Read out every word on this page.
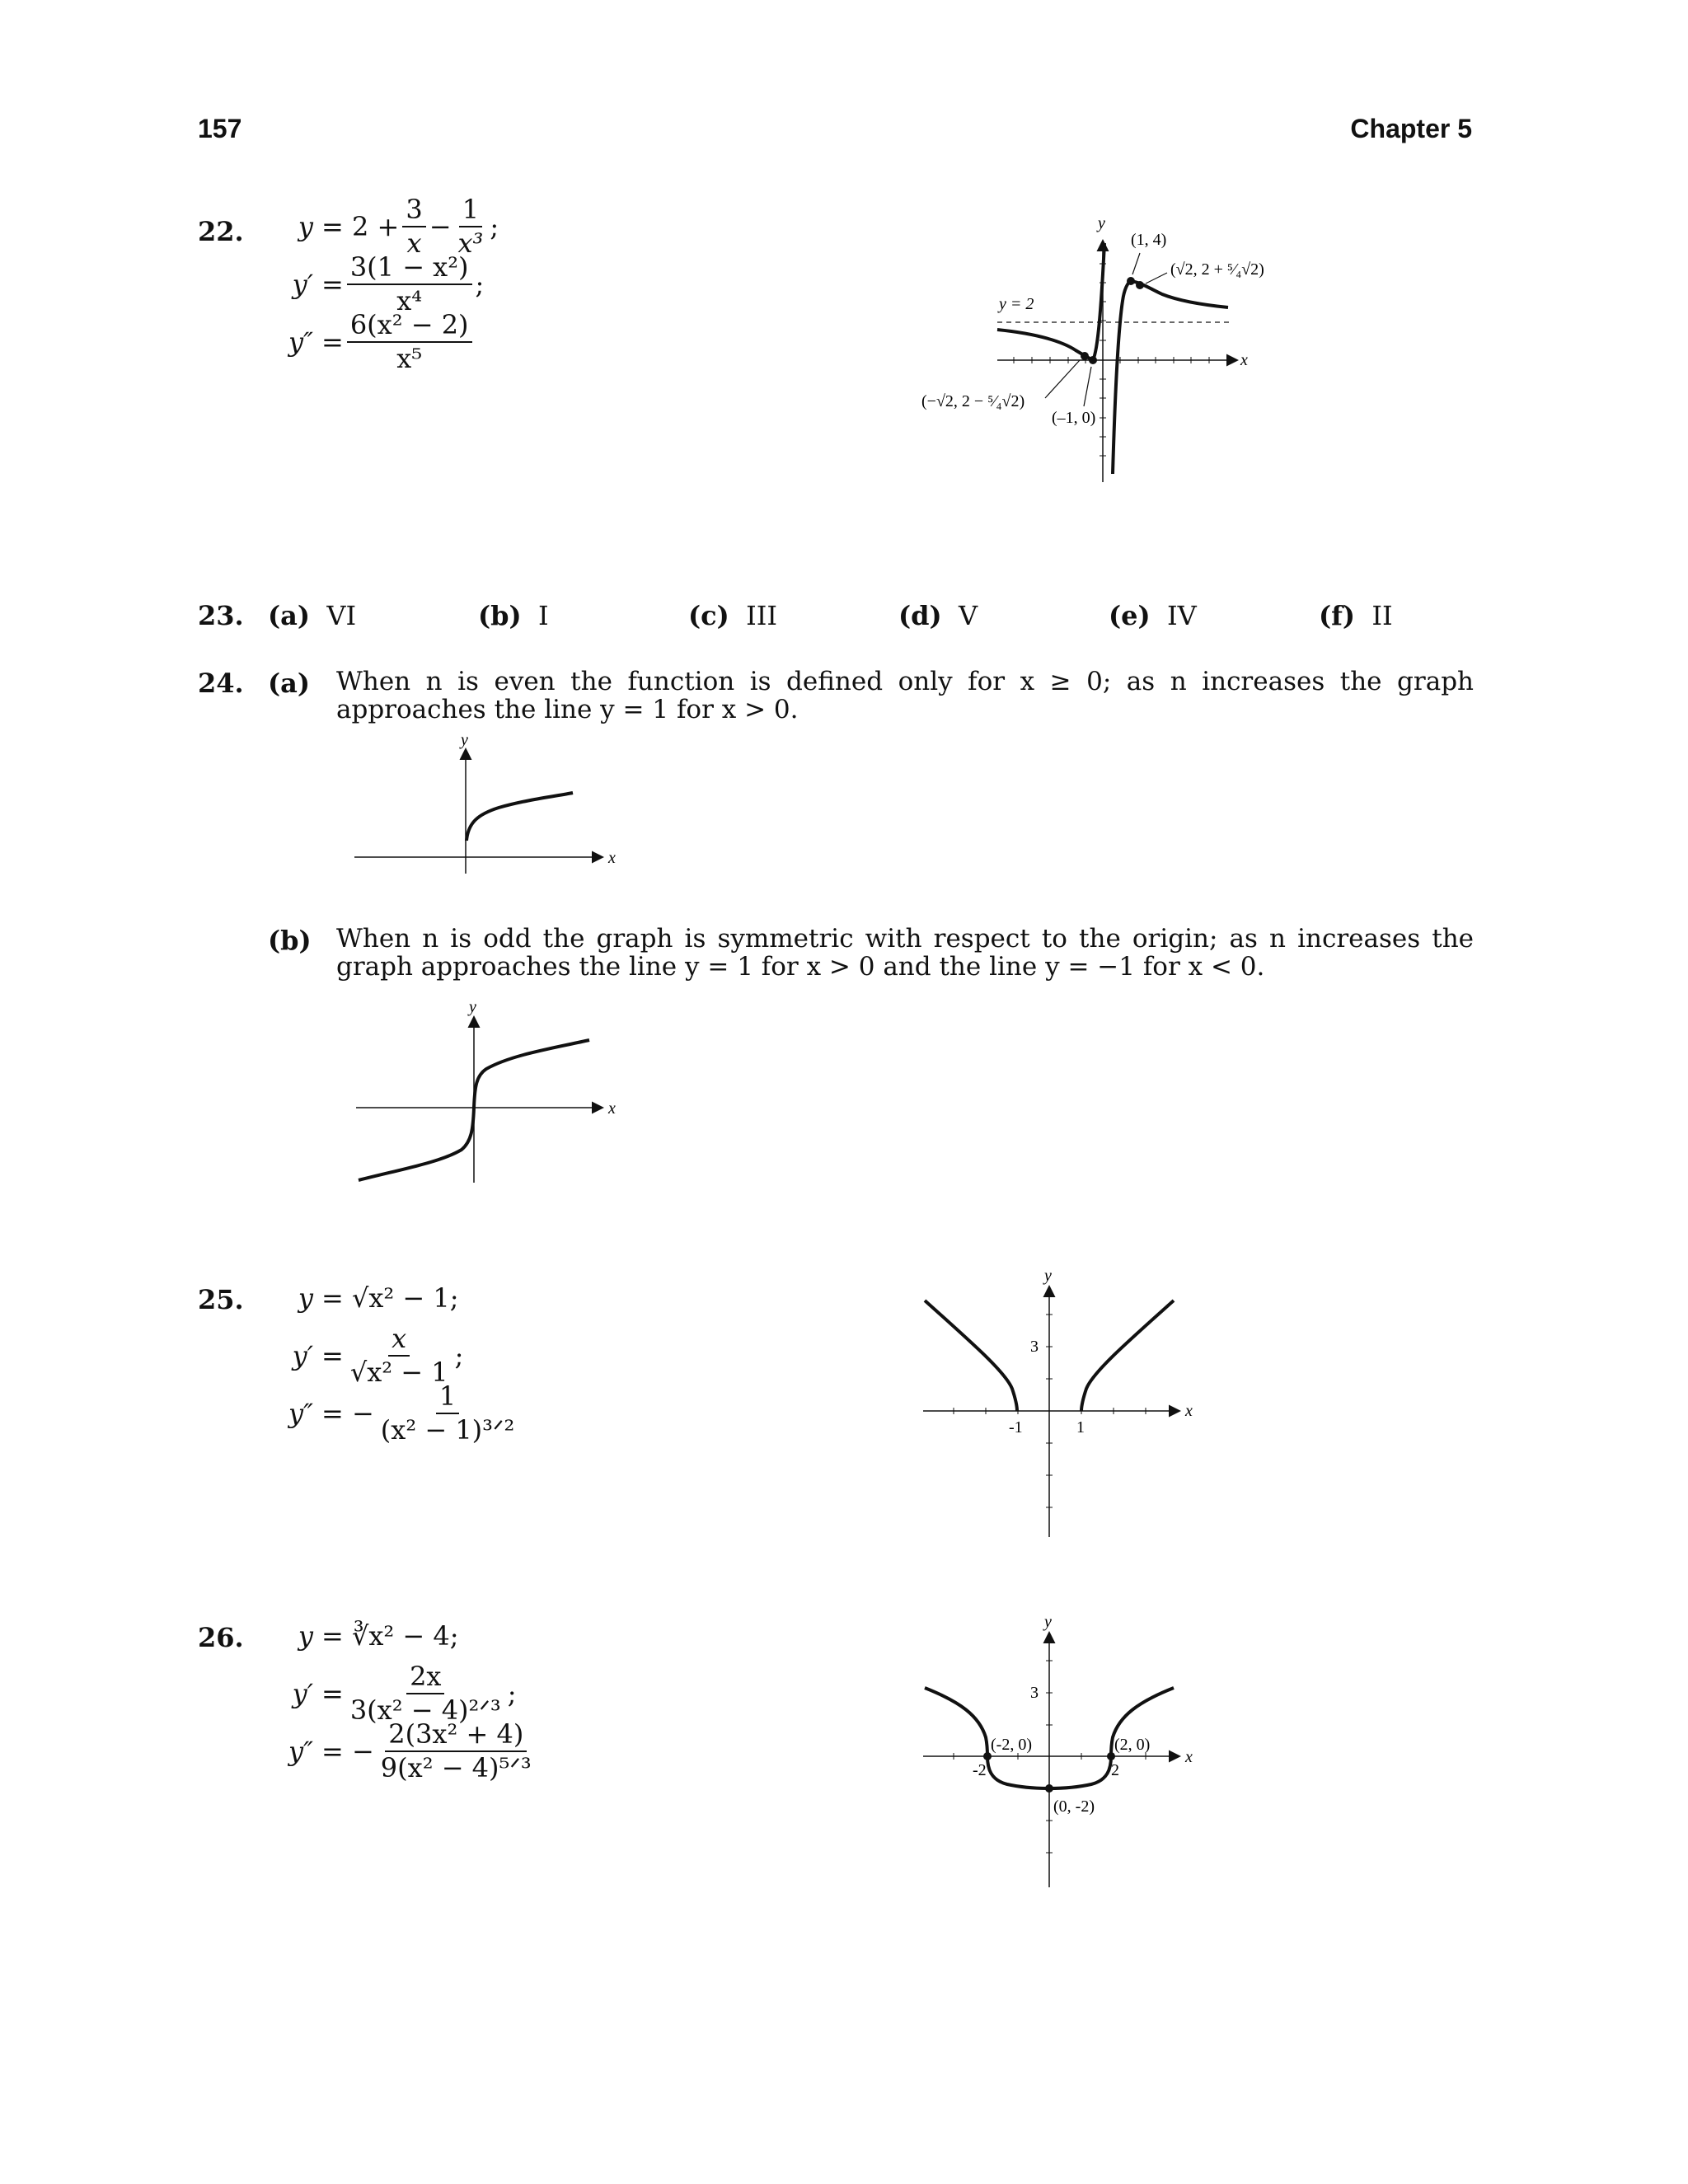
157	Chapter 5
22.	$y = 2 + \frac{3}{x} - \frac{1}{\text{x³}}$ ;
$y' = \frac{\text{3(1 − x²)}}{\text{x⁴}}$ ;
$y'' = \frac{\text{6(x² − 2)}}{\text{x⁵}}$
y
x
y = 2
(1, 4)
(√2, 2 + ⁵⁄₄√2)
(−√2, 2 − ⁵⁄₄√2)
(–1, 0)
23. (a) VI	(b) I	(c) III	(d) V	(e) IV	(f) II
24. (a) When n is even the function is defined only for x ≥ 0; as n increases the graph approaches the line y = 1 for x > 0.
y
x
(b) When n is odd the graph is symmetric with respect to the origin; as n increases the graph approaches the line y = 1 for x > 0 and the line y = −1 for x < 0.
y
x
25.	y = √x² − 1;
$y' = \frac{x}{\text{√x² − 1}}$ ;
y″ = − $\frac{1}{\text{(x² − 1)³ᐟ²}}$
y
x
3
-1	1
26.	y = ∛x² − 4;
$y' = \frac{2x}{\text{3(x² − 4)²ᐟ³}}$ ;
y″ = − $\frac{\text{2(3x² + 4)}}{\text{9(x² − 4)⁵ᐟ³}}$
y
x
3
-2	2
(-2, 0)	(2, 0)
(0, -2)
